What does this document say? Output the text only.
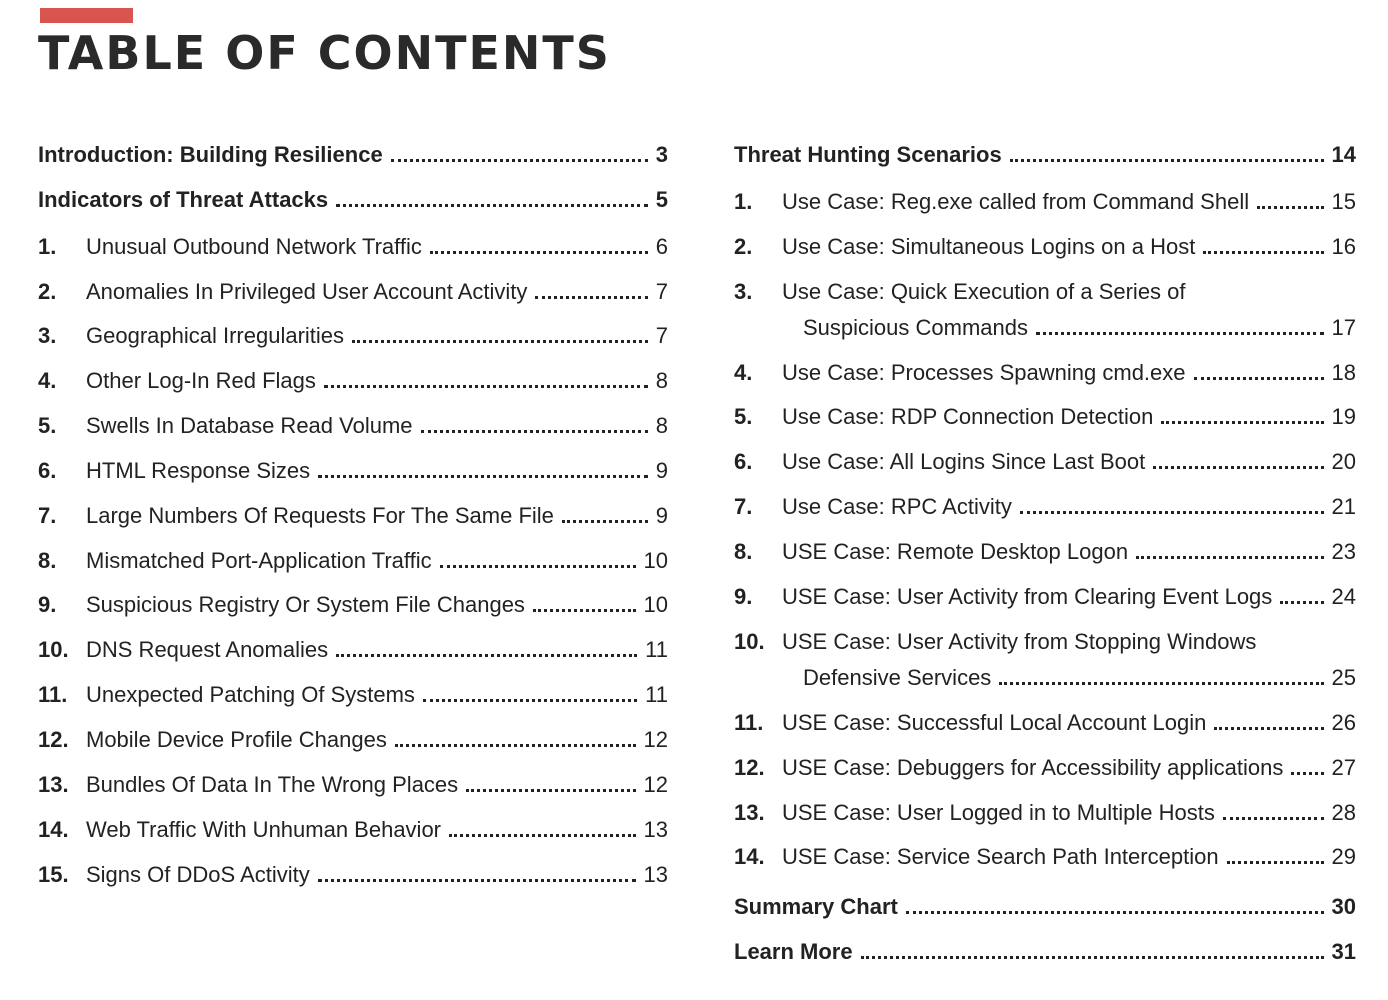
TABLE OF CONTENTS
Introduction: Building Resilience	3
Indicators of Threat Attacks	5
1.	Unusual Outbound Network Traffic	6
2.	Anomalies In Privileged User Account Activity	7
3.	Geographical Irregularities	7
4.	Other Log-In Red Flags	8
5.	Swells In Database Read Volume	8
6.	HTML Response Sizes	9
7.	Large Numbers Of Requests For The Same File	9
8.	Mismatched Port-Application Traffic	10
9.	Suspicious Registry Or System File Changes	10
10. DNS Request Anomalies	11
11. Unexpected Patching Of Systems	11
12. Mobile Device Profile Changes	12
13. Bundles Of Data In The Wrong Places	12
14. Web Traffic With Unhuman Behavior	13
15. Signs Of DDoS Activity	13
Threat Hunting Scenarios	14
1.	Use Case: Reg.exe called from Command Shell	15
2.	Use Case: Simultaneous Logins on a Host	16
3.	Use Case: Quick Execution of a Series of
Suspicious Commands	17
4.	Use Case: Processes Spawning cmd.exe	18
5.	Use Case: RDP Connection Detection	19
6.	Use Case: All Logins Since Last Boot	20
7.	Use Case: RPC Activity	21
8.	USE Case: Remote Desktop Logon	23
9.	USE Case: User Activity from Clearing Event Logs	24
10. USE Case: User Activity from Stopping Windows
Defensive Services	25
11. USE Case: Successful Local Account Login	26
12. USE Case: Debuggers for Accessibility applications 27
13. USE Case: User Logged in to Multiple Hosts	28
14. USE Case: Service Search Path Interception	29
Summary Chart	30
Learn More	31
